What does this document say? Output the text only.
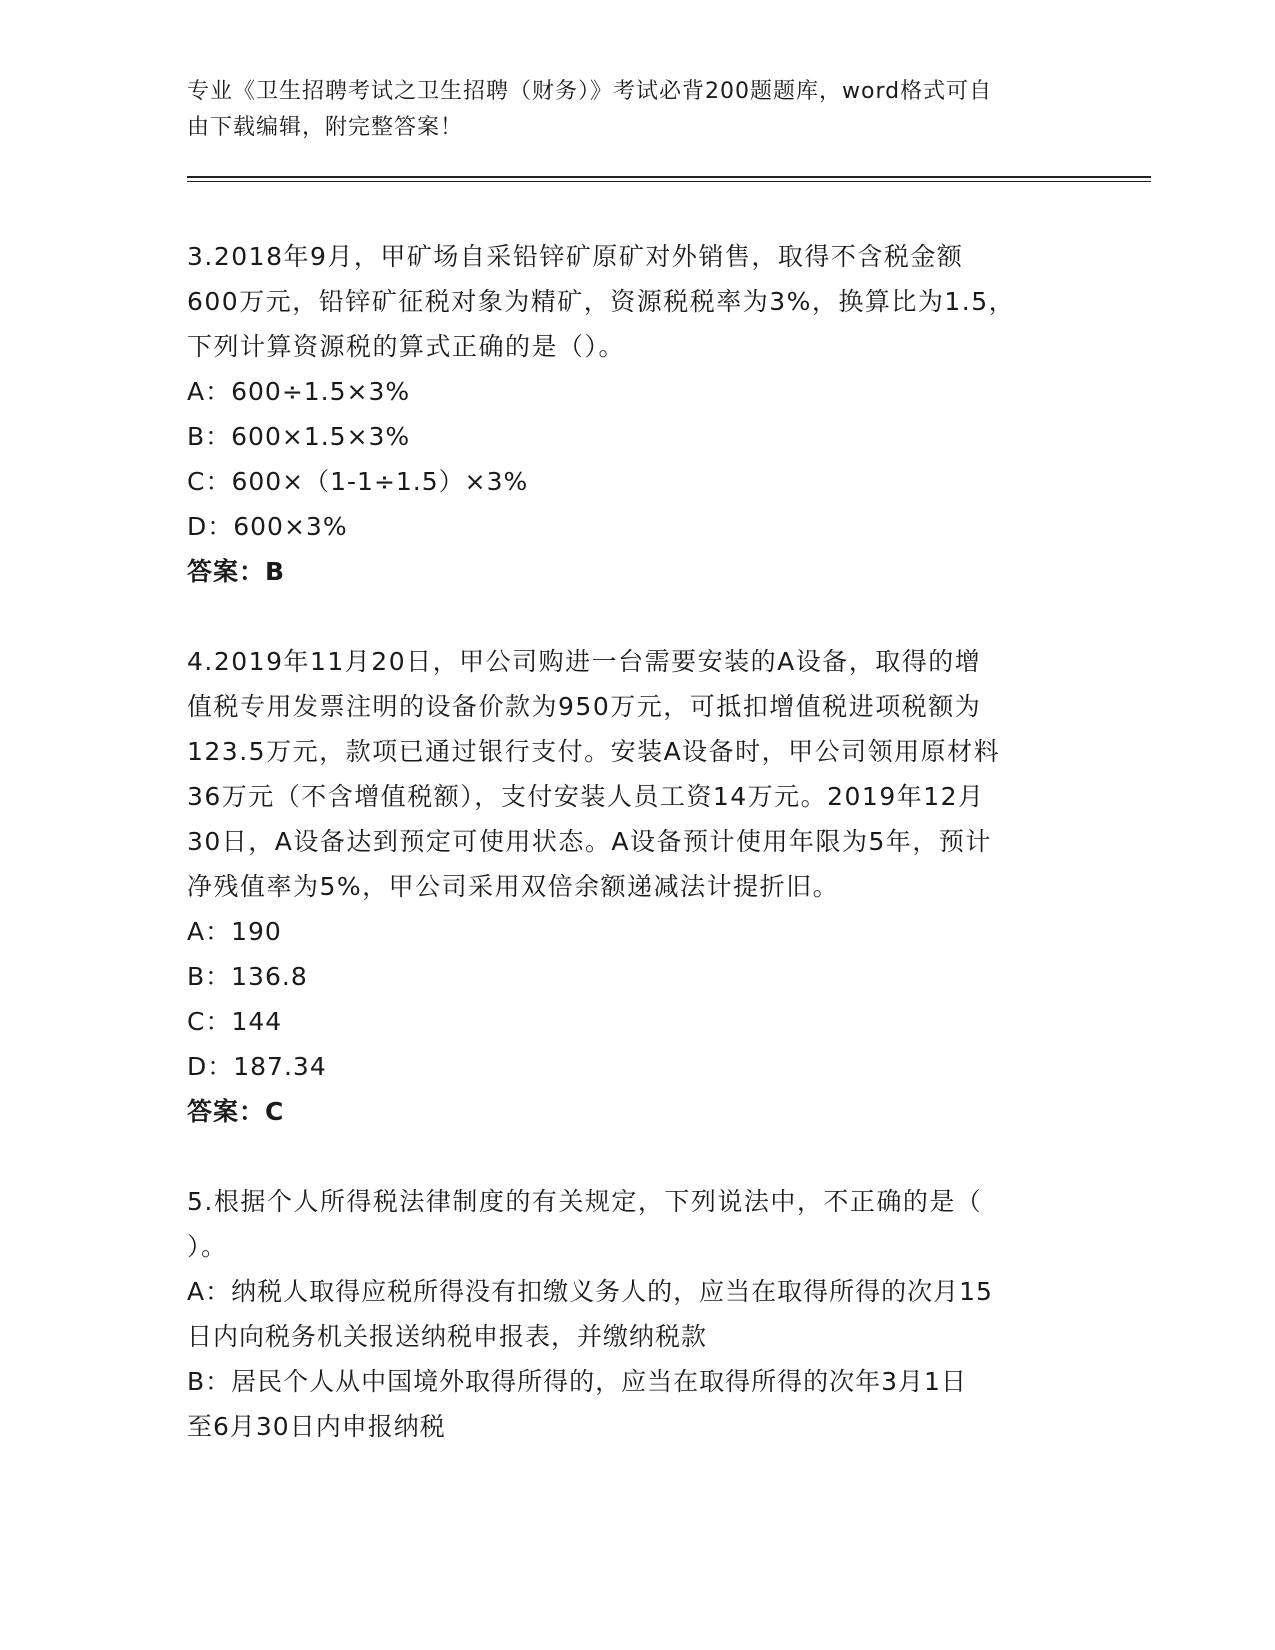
专业《卫生招聘考试之卫生招聘（财务）》考试必背200题题库，word格式可自
由下载编辑，附完整答案！

3.2018年9月，甲矿场自采铅锌矿原矿对外销售，取得不含税金额

600万元，铅锌矿征税对象为精矿，资源税税率为3%，换算比为1.5，

下列计算资源税的算式正确的是（）。

A：600÷1.5×3%

B：600×1.5×3%

C：600×（1-1÷1.5）×3%

D：600×3%

答案：B

4.2019年11月20日，甲公司购进一台需要安装的A设备，取得的增

值税专用发票注明的设备价款为950万元，可抵扣增值税进项税额为

123.5万元，款项已通过银行支付。安装A设备时，甲公司领用原材料

36万元（不含增值税额），支付安装人员工资14万元。2019年12月

30日，A设备达到预定可使用状态。A设备预计使用年限为5年，预计

净残值率为5%，甲公司采用双倍余额递减法计提折旧。

A：190

B：136.8

C：144

D：187.34

答案：C

5.根据个人所得税法律制度的有关规定，下列说法中，不正确的是（

）。

A：纳税人取得应税所得没有扣缴义务人的，应当在取得所得的次月15

日内向税务机关报送纳税申报表，并缴纳税款

B：居民个人从中国境外取得所得的，应当在取得所得的次年3月1日

至6月30日内申报纳税
